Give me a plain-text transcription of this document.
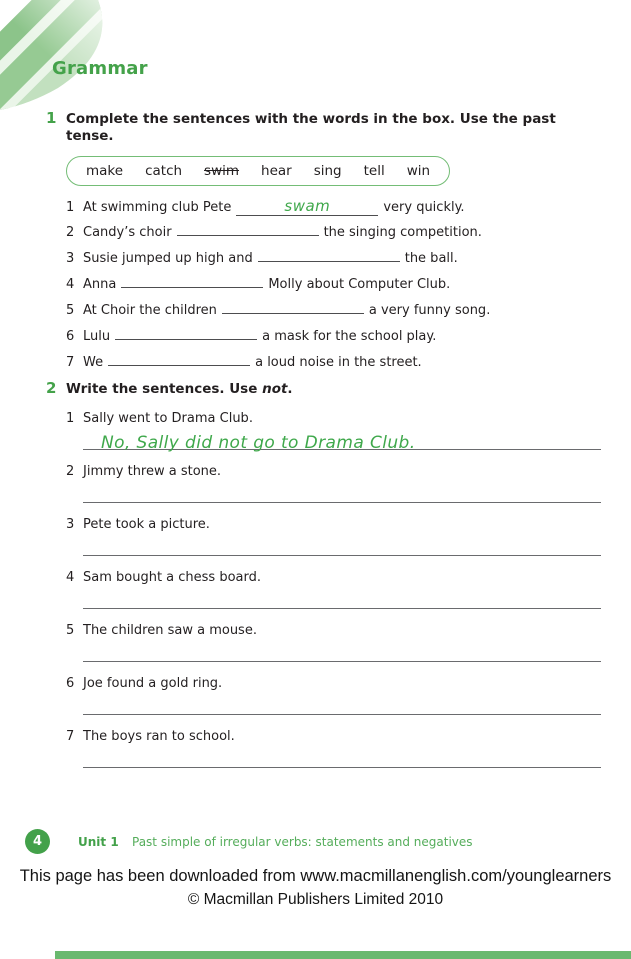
Grammar
1 Complete the sentences with the words in the box. Use the past tense.
make catch swim hear sing tell win
1 At swimming club Pete	swam	very quickly.
2 Candy’s choir	the singing competition.
3 Susie jumped up high and	the ball.
4 Anna	Molly about Computer Club.
5 At Choir the children	a very funny song.
6 Lulu	a mask for the school play.
7 We	a loud noise in the street.
2 Write the sentences. Use not.
1 Sally went to Drama Club.
No, Sally did not go to Drama Club.
2 Jimmy threw a stone.
3 Pete took a picture.
4 Sam bought a chess board.
5 The children saw a mouse.
6 Joe found a gold ring.
7 The boys ran to school.
4	Unit 1 Past simple of irregular verbs: statements and negatives
This page has been downloaded from www.macmillanenglish.com/younglearners
© Macmillan Publishers Limited 2010
